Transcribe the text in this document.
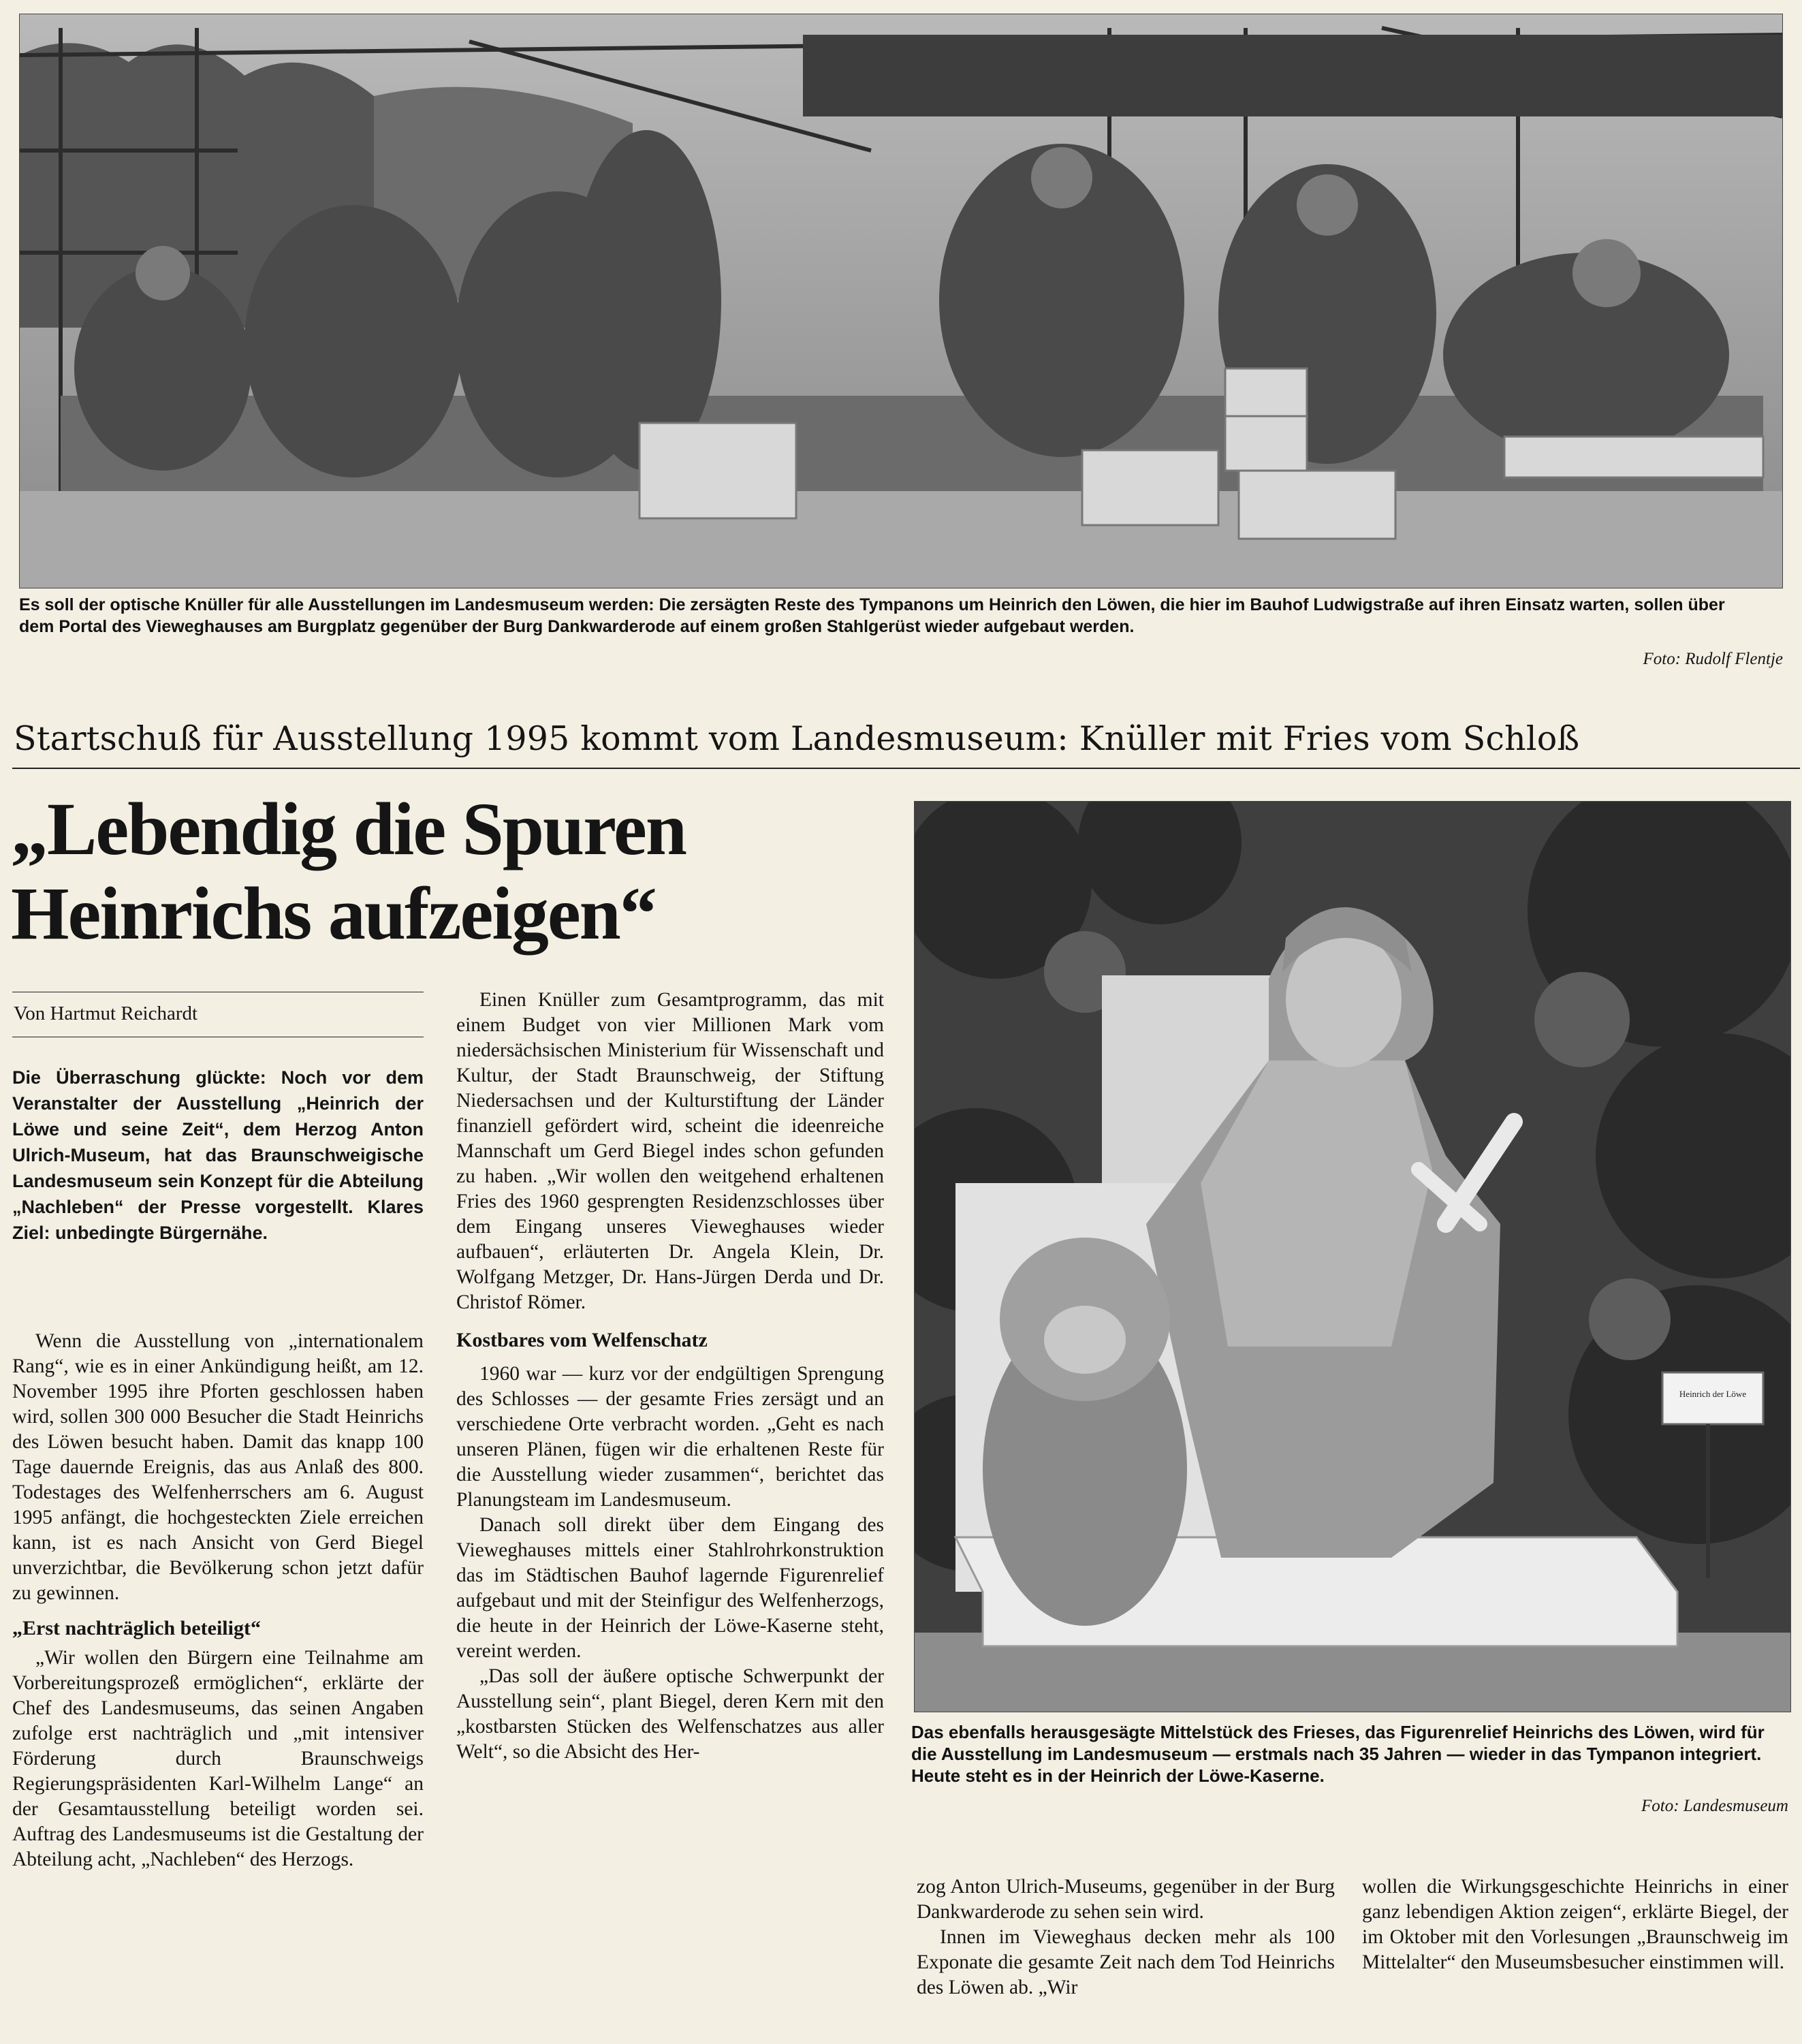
Es soll der optische Knüller für alle Ausstellungen im Landesmuseum werden: Die zersägten Reste des Tympanons um Heinrich den Löwen, die hier im Bauhof Ludwigstraße auf ihren Einsatz warten, sollen über dem Portal des Vieweghauses am Burgplatz gegenüber der Burg Dankwarderode auf einem großen Stahlgerüst wieder aufgebaut werden.
Foto: Rudolf Flentje

Startschuß für Ausstellung 1995 kommt vom Landesmuseum: Knüller mit Fries vom Schloß
„Lebendig die Spuren
Heinrichs aufzeigen“
Von Hartmut Reichardt
Die Überraschung glückte: Noch vor dem Veranstalter der Ausstellung „Heinrich der Löwe und seine Zeit“, dem Herzog Anton Ulrich-Museum, hat das Braunschweigische Landesmuseum sein Konzept für die Abteilung „Nachleben“ der Presse vorgestellt. Klares Ziel: unbedingte Bürgernähe.

Wenn die Ausstellung von „internationalem Rang“, wie es in einer Ankündigung heißt, am 12. November 1995 ihre Pforten geschlossen haben wird, sollen 300 000 Besucher die Stadt Heinrichs des Löwen besucht haben. Damit das knapp 100 Tage dauernde Ereignis, das aus Anlaß des 800. Todestages des Welfenherrschers am 6. August 1995 anfängt, die hochgesteckten Ziele erreichen kann, ist es nach Ansicht von Gerd Biegel unverzichtbar, die Bevölkerung schon jetzt dafür zu gewinnen.

„Erst nachträglich beteiligt“

„Wir wollen den Bürgern eine Teilnahme am Vorbereitungsprozeß ermöglichen“, erklärte der Chef des Landesmuseums, das seinen Angaben zufolge erst nachträglich und „mit intensiver Förderung durch Braunschweigs Regierungspräsidenten Karl-Wilhelm Lange“ an der Gesamtausstellung beteiligt worden sei. Auftrag des Landesmuseums ist die Gestaltung der Abteilung acht, „Nachleben“ des Herzogs.

Einen Knüller zum Gesamtprogramm, das mit einem Budget von vier Millionen Mark vom niedersächsischen Ministerium für Wissenschaft und Kultur, der Stadt Braunschweig, der Stiftung Niedersachsen und der Kulturstiftung der Länder finanziell gefördert wird, scheint die ideenreiche Mannschaft um Gerd Biegel indes schon gefunden zu haben. „Wir wollen den weitgehend erhaltenen Fries des 1960 gesprengten Residenzschlosses über dem Eingang unseres Vieweghauses wieder aufbauen“, erläuterten Dr. Angela Klein, Dr. Wolfgang Metzger, Dr. Hans-Jürgen Derda und Dr. Christof Römer.

Kostbares vom Welfenschatz

1960 war — kurz vor der endgültigen Sprengung des Schlosses — der gesamte Fries zersägt und an verschiedene Orte verbracht worden. „Geht es nach unseren Plänen, fügen wir die erhaltenen Reste für die Ausstellung wieder zusammen“, berichtet das Planungsteam im Landesmuseum.

Danach soll direkt über dem Eingang des Vieweghauses mittels einer Stahlrohrkonstruktion das im Städtischen Bauhof lagernde Figurenrelief aufgebaut und mit der Steinfigur des Welfenherzogs, die heute in der Heinrich der Löwe-Kaserne steht, vereint werden.

„Das soll der äußere optische Schwerpunkt der Ausstellung sein“, plant Biegel, deren Kern mit den „kostbarsten Stücken des Welfenschatzes aus aller Welt“, so die Absicht des Her-

Heinrich der Löwe
Das ebenfalls herausgesägte Mittelstück des Frieses, das Figurenrelief Heinrichs des Löwen, wird für die Ausstellung im Landesmuseum — erstmals nach 35 Jahren — wieder in das Tympanon integriert. Heute steht es in der Heinrich der Löwe-Kaserne.
Foto: Landesmuseum

zog Anton Ulrich-Museums, gegenüber in der Burg Dankwarderode zu sehen sein wird.

Innen im Vieweghaus decken mehr als 100 Exponate die gesamte Zeit nach dem Tod Heinrichs des Löwen ab. „Wir

wollen die Wirkungsgeschichte Heinrichs in einer ganz lebendigen Aktion zeigen“, erklärte Biegel, der im Oktober mit den Vorlesungen „Braunschweig im Mittelalter“ den Museumsbesucher einstimmen will.
